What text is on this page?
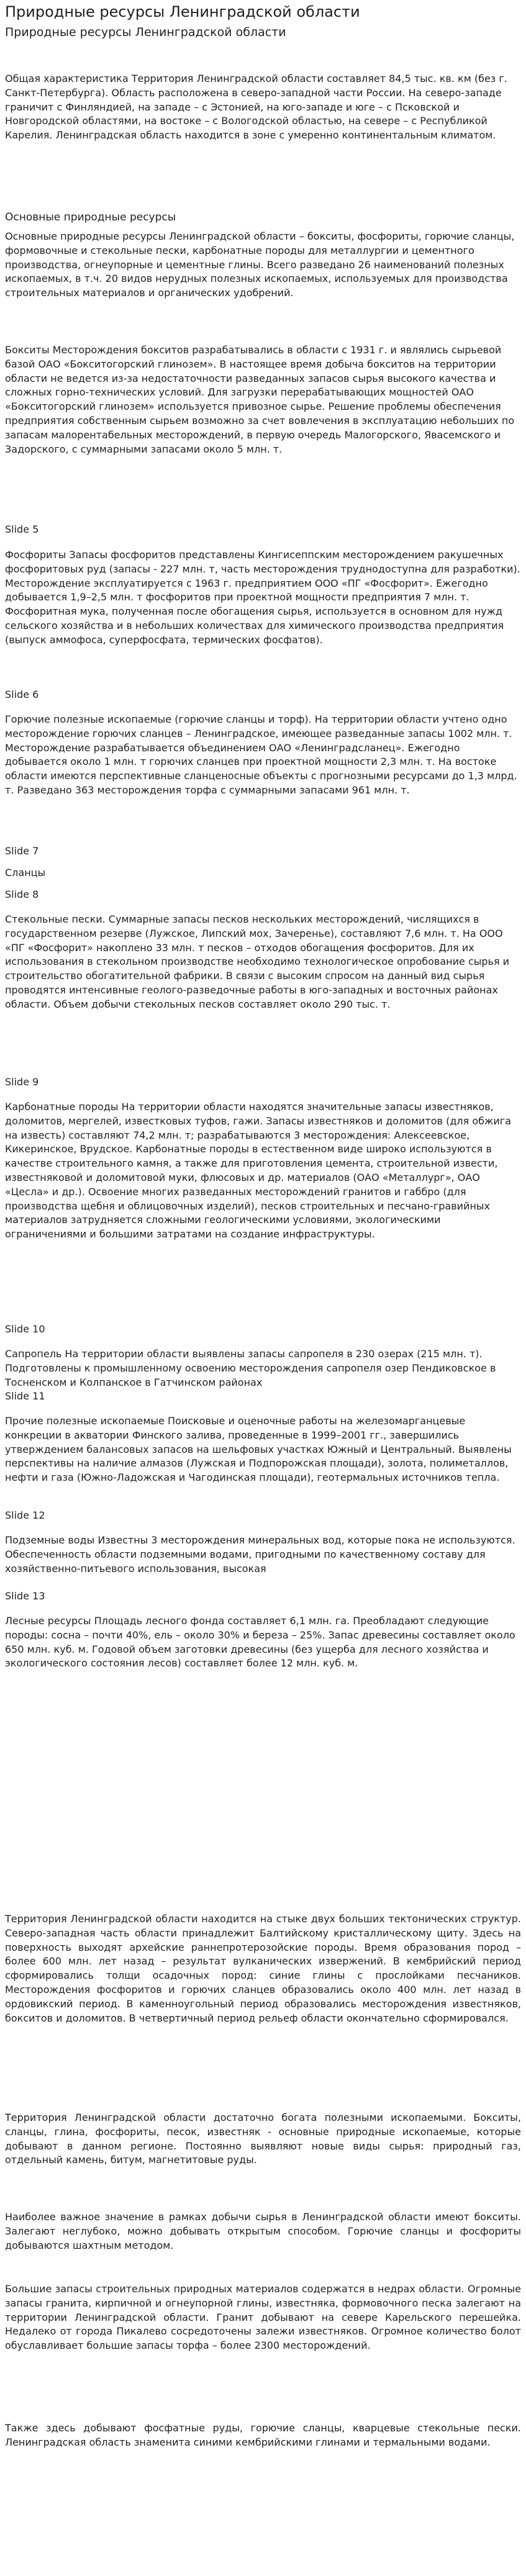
Природные ресурсы Ленинградской области
Природные ресурсы Ленинградской области

Общая характеристика Территория Ленинградской области составляет 84,5 тыс. кв. км (без г. Санкт-Петербурга). Область расположена в северо-западной части России. На северо-западе граничит с Финляндией, на западе – с Эстонией, на юго-западе и юге – с Псковской и Новгородской областями, на востоке – с Вологодской областью, на севере – с Республикой Карелия. Ленинградская область находится в зоне с умеренно континентальным климатом.

Основные природные ресурсы

Основные природные ресурсы Ленинградской области – бокситы, фосфориты, горючие сланцы, формовочные и стекольные пески, карбонатные породы для металлургии и цементного производства, огнеупорные и цементные глины. Всего разведано 26 наименований полезных ископаемых, в т.ч. 20 видов нерудных полезных ископаемых, используемых для производства строительных материалов и органических удобрений.

Бокситы Месторождения бокситов разрабатывались в области с 1931 г. и являлись сырьевой базой ОАО «Бокситогорский глинозем». В настоящее время добыча бокситов на территории области не ведется из-за недостаточности разведанных запасов сырья высокого качества и сложных горно-технических условий. Для загрузки перерабатывающих мощностей ОАО «Бокситогорский глинозем» используется привозное сырье. Решение проблемы обеспечения предприятия собственным сырьем возможно за счет вовлечения в эксплуатацию небольших по запасам малорентабельных месторождений, в первую очередь Малогорского, Явасемского и Задорского, с суммарными запасами около 5 млн. т.

Slide 5

Фосфориты Запасы фосфоритов представлены Кингисеппским месторождением ракушечных фосфоритовых руд (запасы - 227 млн. т, часть месторождения труднодоступна для разработки). Месторождение эксплуатируется с 1963 г. предприятием ООО «ПГ «Фосфорит». Ежегодно добывается 1,9–2,5 млн. т фосфоритов при проектной мощности предприятия 7 млн. т. Фосфоритная мука, полученная после обогащения сырья, используется в основном для нужд сельского хозяйства и в небольших количествах для химического производства предприятия (выпуск аммофоса, суперфосфата, термических фосфатов).

Slide 6

Горючие полезные ископаемые (горючие сланцы и торф). На территории области учтено одно месторождение горючих сланцев – Ленинградское, имеющее разведанные запасы 1002 млн. т. Месторождение разрабатывается объединением ОАО «Ленинградсланец». Ежегодно добывается около 1 млн. т горючих сланцев при проектной мощности 2,3 млн. т. На востоке области имеются перспективные сланценосные объекты с прогнозными ресурсами до 1,3 млрд. т. Разведано 363 месторождения торфа с суммарными запасами 961 млн. т.

Slide 7
Сланцы
Slide 8

Стекольные пески. Суммарные запасы песков нескольких месторождений, числящихся в государственном резерве (Лужское, Липский мох, Зачеренье), составляют 7,6 млн. т. На ООО «ПГ «Фосфорит» накоплено 33 млн. т песков – отходов обогащения фосфоритов. Для их использования в стекольном производстве необходимо технологическое опробование сырья и строительство обогатительной фабрики. В связи с высоким спросом на данный вид сырья проводятся интенсивные геолого-разведочные работы в юго-западных и восточных районах области. Объем добычи стекольных песков составляет около 290 тыс. т.

Slide 9

Карбонатные породы На территории области находятся значительные запасы известняков, доломитов, мергелей, известковых туфов, гажи. Запасы известняков и доломитов (для обжига на известь) составляют 74,2 млн. т; разрабатываются 3 месторождения: Алексеевское, Кикеринское, Врудское. Карбонатные породы в естественном виде широко используются в качестве строительного камня, а также для приготовления цемента, строительной извести, известняковой и доломитовой муки, флюсовых и др. материалов (ОАО «Металлург», ОАО «Цесла» и др.). Освоение многих разведанных месторождений гранитов и габбро (для производства щебня и облицовочных изделий), песков строительных и песчано-гравийных материалов затрудняется сложными геологическими условиями, экологическими ограничениями и большими затратами на создание инфраструктуры.

Slide 10

Сапропель На территории области выявлены запасы сапропеля в 230 озерах (215 млн. т). Подготовлены к промышленному освоению месторождения сапропеля озер Пендиковское в Тосненском и Колпанское в Гатчинском районах

Slide 11

Прочие полезные ископаемые Поисковые и оценочные работы на железомарганцевые конкреции в акватории Финского залива, проведенные в 1999–2001 гг., завершились утверждением балансовых запасов на шельфовых участках Южный и Центральный. Выявлены перспективы на наличие алмазов (Лужская и Подпорожская площади), золота, полиметаллов, нефти и газа (Южно-Ладожская и Чагодинская площади), геотермальных источников тепла.

Slide 12

Подземные воды Известны 3 месторождения минеральных вод, которые пока не используются. Обеспеченность области подземными водами, пригодными по качественному составу для хозяйственно-питьевого использования, высокая

Slide 13

Лесные ресурсы Площадь лесного фонда составляет 6,1 млн. га. Преобладают следующие породы: сосна – почти 40%, ель – около 30% и береза – 25%. Запас древесины составляет около 650 млн. куб. м. Годовой объем заготовки древесины (без ущерба для лесного хозяйства и экологического состояния лесов) составляет более 12 млн. куб. м.

Территория Ленинградской области находится на стыке двух больших тектонических структур. Северо-западная часть области принадлежит Балтийскому кристаллическому щиту. Здесь на поверхность выходят архейские раннепротерозойские породы. Время образования пород – более 600 млн. лет назад – результат вулканических извержений. В кембрийский период сформировались толщи осадочных пород: синие глины с прослойками песчаников. Месторождения фосфоритов и горючих сланцев образовались около 400 млн. лет назад в ордовикский период. В каменноугольный период образовались месторождения известняков, бокситов и доломитов. В четвертичный период рельеф области окончательно сформировался.

Территория Ленинградской области достаточно богата полезными ископаемыми. Бокситы, сланцы, глина, фосфориты, песок, известняк - основные природные ископаемые, которые добывают в данном регионе. Постоянно выявляют новые виды сырья: природный газ, отдельный камень, битум, магнетитовые руды.

Наиболее важное значение в рамках добычи сырья в Ленинградской области имеют бокситы. Залегают неглубоко, можно добывать открытым способом. Горючие сланцы и фосфориты добываются шахтным методом.

Большие запасы строительных природных материалов содержатся в недрах области. Огромные запасы гранита, кирпичной и огнеупорной глины, известняка, формовочного песка залегают на территории Ленинградской области. Гранит добывают на севере Карельского перешейка. Недалеко от города Пикалево сосредоточены залежи известняков. Огромное количество болот обуславливает большие запасы торфа – более 2300 месторождений.

Также здесь добывают фосфатные руды, горючие сланцы, кварцевые стекольные пески. Ленинградская область знаменита синими кембрийскими глинами и термальными водами.
